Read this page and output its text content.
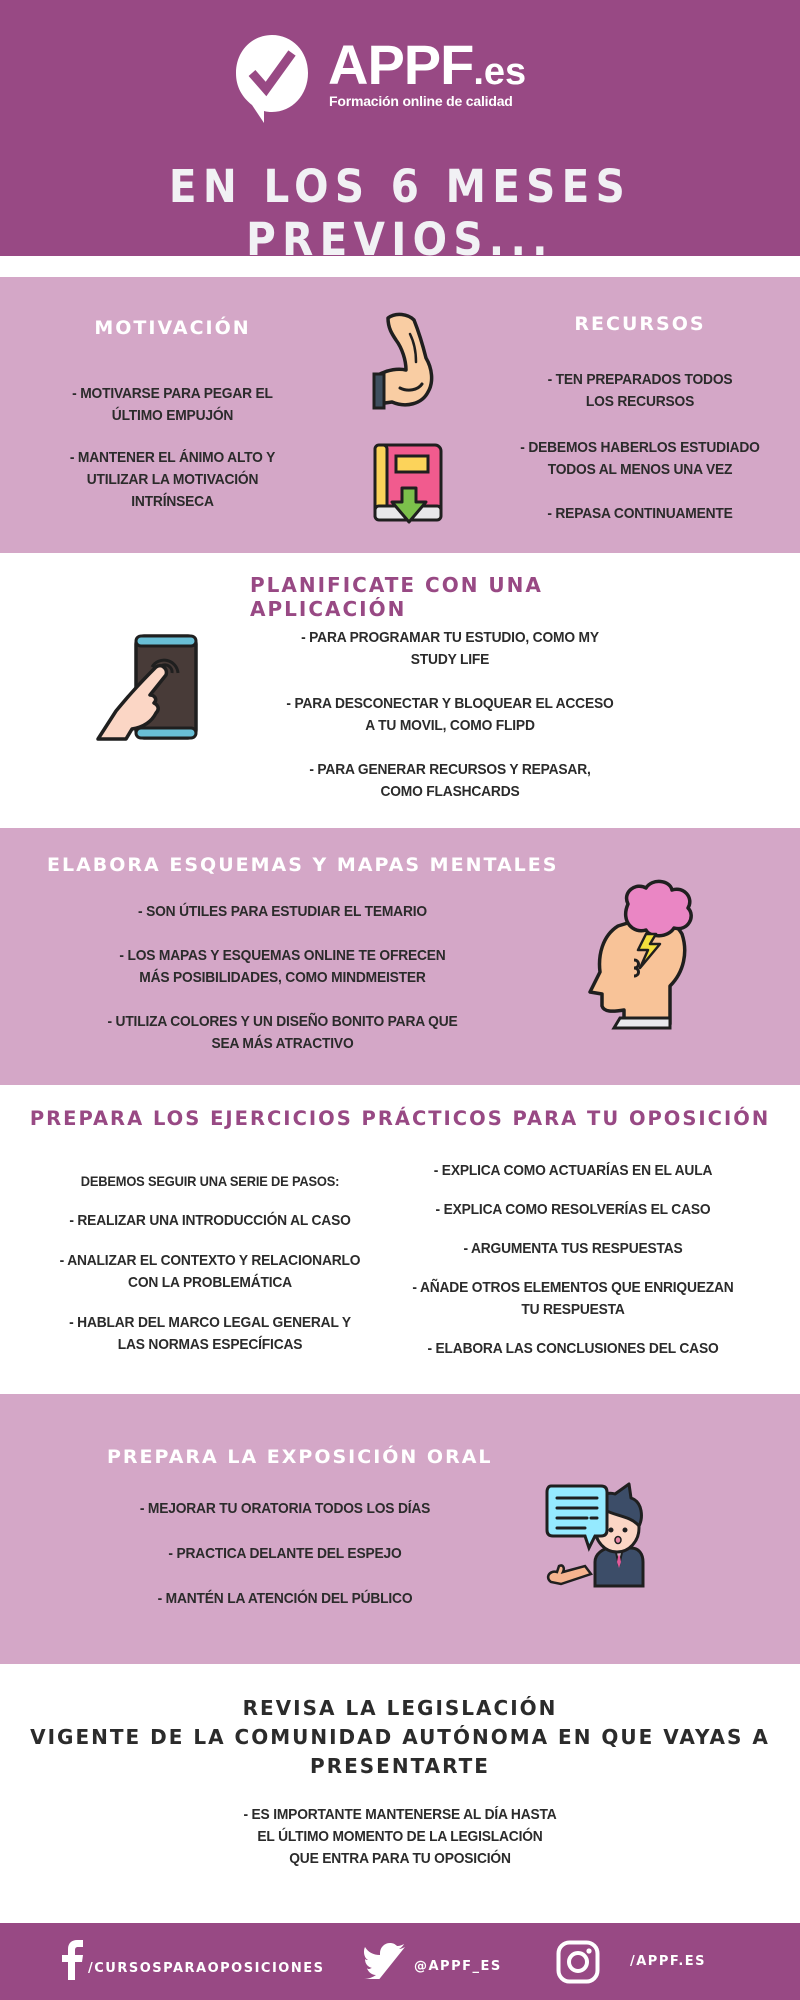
APPF.es
Formación online de calidad
EN LOS 6 MESES PREVIOS...
MOTIVACIÓN
- MOTIVARSE PARA PEGAR EL ÚLTIMO EMPUJÓN
- MANTENER EL ÁNIMO ALTO Y UTILIZAR LA MOTIVACIÓN INTRÍNSECA
RECURSOS
- TEN PREPARADOS TODOS LOS RECURSOS
- DEBEMOS HABERLOS ESTUDIADO TODOS AL MENOS UNA VEZ
- REPASA CONTINUAMENTE
PLANIFICATE CON UNA APLICACIÓN
- PARA PROGRAMAR TU ESTUDIO, COMO MY STUDY LIFE
- PARA DESCONECTAR Y BLOQUEAR EL ACCESO A TU MOVIL, COMO FLIPD
- PARA GENERAR RECURSOS Y REPASAR, COMO FLASHCARDS
ELABORA ESQUEMAS Y MAPAS MENTALES
- SON ÚTILES PARA ESTUDIAR EL TEMARIO
- LOS MAPAS Y ESQUEMAS ONLINE TE OFRECEN MÁS POSIBILIDADES, COMO MINDMEISTER
- UTILIZA COLORES Y UN DISEÑO BONITO PARA QUE SEA MÁS ATRACTIVO
PREPARA LOS EJERCICIOS PRÁCTICOS PARA TU OPOSICIÓN
DEBEMOS SEGUIR UNA SERIE DE PASOS:
- REALIZAR UNA INTRODUCCIÓN AL CASO
- ANALIZAR EL CONTEXTO Y RELACIONARLO CON LA PROBLEMÁTICA
- HABLAR DEL MARCO LEGAL GENERAL Y LAS NORMAS ESPECÍFICAS
- EXPLICA COMO ACTUARÍAS EN EL AULA
- EXPLICA COMO RESOLVERÍAS EL CASO
- ARGUMENTA TUS RESPUESTAS
- AÑADE OTROS ELEMENTOS QUE ENRIQUEZAN TU RESPUESTA
- ELABORA LAS CONCLUSIONES DEL CASO
PREPARA LA EXPOSICIÓN ORAL
- MEJORAR TU ORATORIA TODOS LOS DÍAS
- PRACTICA DELANTE DEL ESPEJO
- MANTÉN LA ATENCIÓN DEL PÚBLICO
REVISA LA LEGISLACIÓN
VIGENTE DE LA COMUNIDAD AUTÓNOMA EN QUE VAYAS A
PRESENTARTE
- ES IMPORTANTE MANTENERSE AL DÍA HASTA
EL ÚLTIMO MOMENTO DE LA LEGISLACIÓN
QUE ENTRA PARA TU OPOSICIÓN
/CURSOSPARAOPOSICIONES	@APPF_ES	/APPF.ES
